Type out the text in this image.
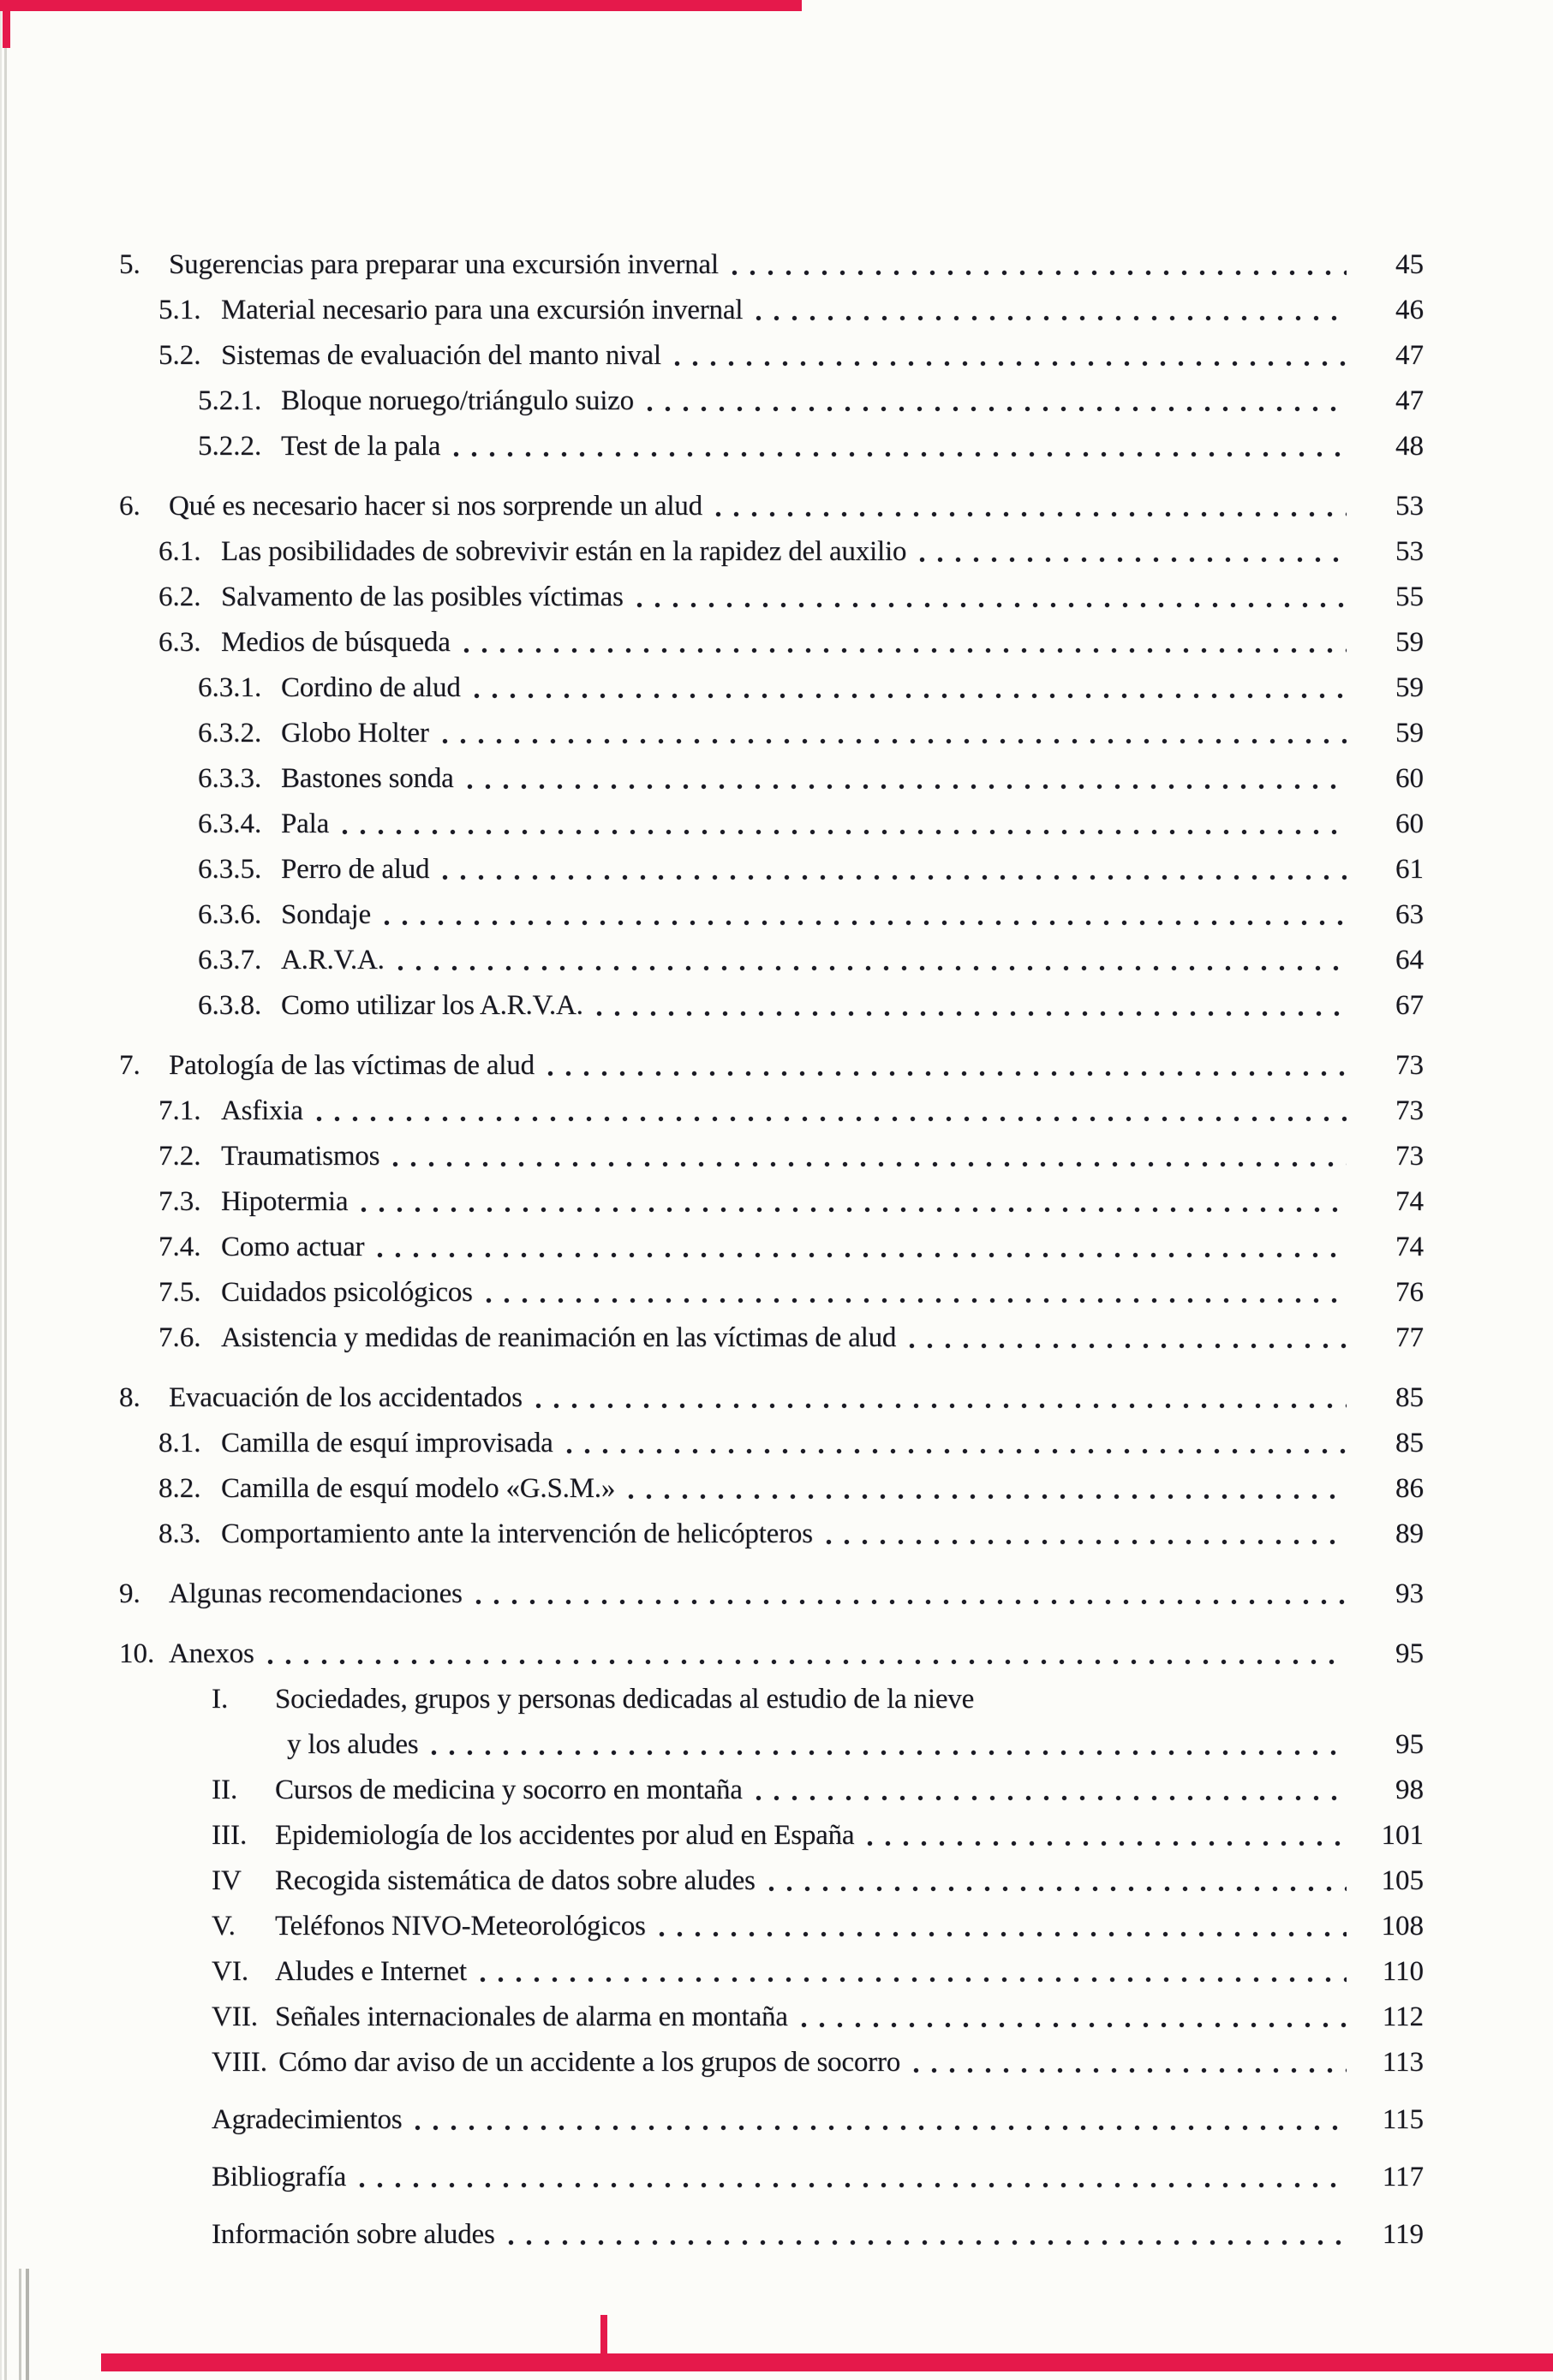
5.	Sugerencias para preparar una excursión invernal	45
5.1. Material necesario para una excursión invernal	46
5.2. Sistemas de evaluación del manto nival	47
5.2.1. Bloque noruego/triángulo suizo	47
5.2.2. Test de la pala	48
6.	Qué es necesario hacer si nos sorprende un alud	53
6.1. Las posibilidades de sobrevivir están en la rapidez del auxilio	53
6.2. Salvamento de las posibles víctimas	55
6.3. Medios de búsqueda	59
6.3.1. Cordino de alud	59
6.3.2. Globo Holter	59
6.3.3. Bastones sonda	60
6.3.4. Pala	60
6.3.5. Perro de alud	61
6.3.6. Sondaje	63
6.3.7. A.R.V.A.	64
6.3.8. Como utilizar los A.R.V.A.	67
7.	Patología de las víctimas de alud	73
7.1. Asfixia	73
7.2. Traumatismos	73
7.3. Hipotermia	74
7.4. Como actuar	74
7.5. Cuidados psicológicos	76
7.6. Asistencia y medidas de reanimación en las víctimas de alud	77
8.	Evacuación de los accidentados	85
8.1. Camilla de esquí improvisada	85
8.2. Camilla de esquí modelo «G.S.M.»	86
8.3. Comportamiento ante la intervención de helicópteros	89
9.	Algunas recomendaciones	93
10. Anexos	95
I.	Sociedades, grupos y personas dedicadas al estudio de la nieve
y los aludes	95
II.	Cursos de medicina y socorro en montaña	98
III. Epidemiología de los accidentes por alud en España	101
IV	Recogida sistemática de datos sobre aludes	105
V.	Teléfonos NIVO-Meteorológicos	108
VI. Aludes e Internet	110
VII. Señales internacionales de alarma en montaña	112
VIII. Cómo dar aviso de un accidente a los grupos de socorro	113
Agradecimientos	115
Bibliografía	117
Información sobre aludes	119
